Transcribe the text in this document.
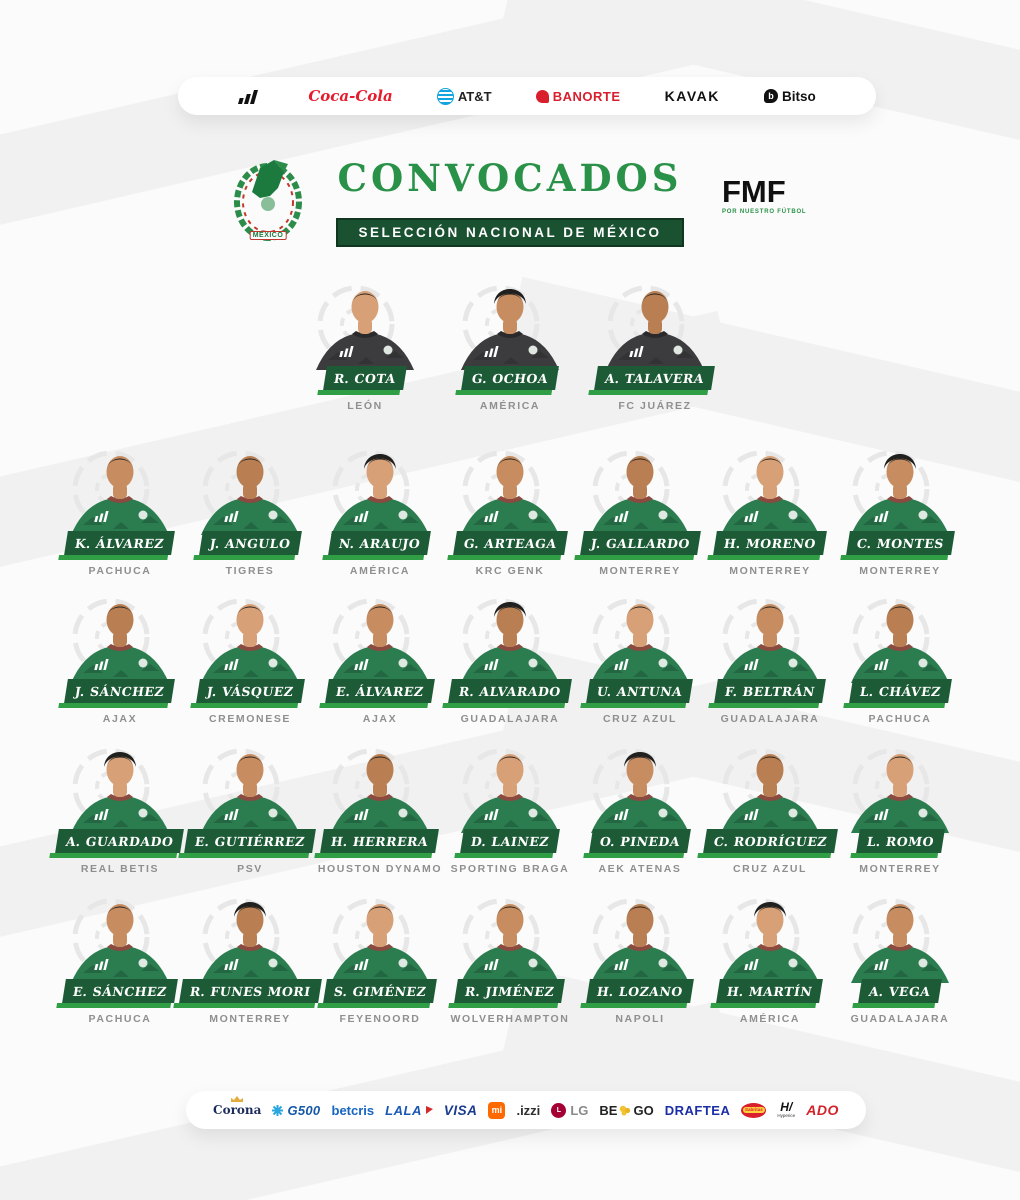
Coca-Cola	AT&T	BANORTE	KAVAK	b Bitso
MÉXICO
CONVOCADOS

SELECCIÓN NACIONAL DE MÉXICO
FMF
POR NUESTRO FÚTBOL
R. COTA
LEÓN
G. OCHOA
AMÉRICA
A. TALAVERA
FC JUÁREZ
K. ÁLVAREZ
PACHUCA
J. ANGULO
TIGRES
N. ARAUJO
AMÉRICA
G. ARTEAGA
KRC GENK
J. GALLARDO
MONTERREY
H. MORENO
MONTERREY
C. MONTES
MONTERREY
J. SÁNCHEZ
AJAX
J. VÁSQUEZ
CREMONESE
E. ÁLVAREZ
AJAX
R. ALVARADO
GUADALAJARA
U. ANTUNA
CRUZ AZUL
F. BELTRÁN
GUADALAJARA
L. CHÁVEZ
PACHUCA
A. GUARDADO
REAL BETIS
E. GUTIÉRREZ
PSV
H. HERRERA
HOUSTON DYNAMO
D. LAINEZ
SPORTING BRAGA
O. PINEDA
AEK ATENAS
C. RODRÍGUEZ
CRUZ AZUL
L. ROMO
MONTERREY
E. SÁNCHEZ
PACHUCA
R. FUNES MORI
MONTERREY
S. GIMÉNEZ
FEYENOORD
R. JIMÉNEZ
WOLVERHAMPTON
H. LOZANO
NAPOLI
H. MARTÍN
AMÉRICA
A. VEGA
GUADALAJARA
Corona G500 betcris LALA VISA	mi .izzi	L LG BE GO DRAFTEA	Sabritas H/
Hyperice ADO
